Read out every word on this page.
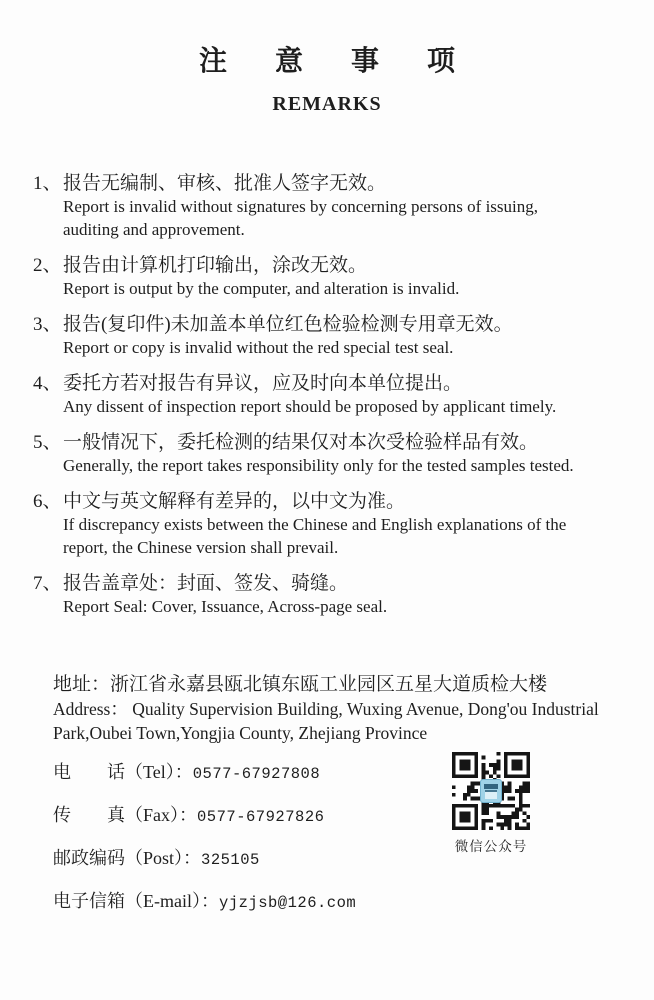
注意事项
REMARKS
1、 报告无编制、审核、批准人签字无效。
Report is invalid without signatures by concerning persons of issuing,
auditing and approvement.
2、 报告由计算机打印输出，涂改无效。
Report is output by the computer, and alteration is invalid.
3、 报告(复印件)未加盖本单位红色检验检测专用章无效。
Report or copy is invalid without the red special test seal.
4、 委托方若对报告有异议，应及时向本单位提出。
Any dissent of inspection report should be proposed by applicant timely.
5、 一般情况下，委托检测的结果仅对本次受检验样品有效。
Generally, the report takes responsibility only for the tested samples tested.
6、 中文与英文解释有差异的，以中文为准。
If discrepancy exists between the Chinese and English explanations of the
report, the Chinese version shall prevail.
7、 报告盖章处：封面、签发、骑缝。
Report Seal: Cover, Issuance, Across-page seal.
地址：浙江省永嘉县瓯北镇东瓯工业园区五星大道质检大楼
Address： Quality Supervision Building, Wuxing Avenue, Dong'ou Industrial
Park,Oubei Town,Yongjia County, Zhejiang Province
电　　话（Tel）：0577-67927808
传　　真（Fax）：0577-67927826
邮政编码（Post）：325105
电子信箱（E-mail）：yjzjsb@126.com
微信公众号
